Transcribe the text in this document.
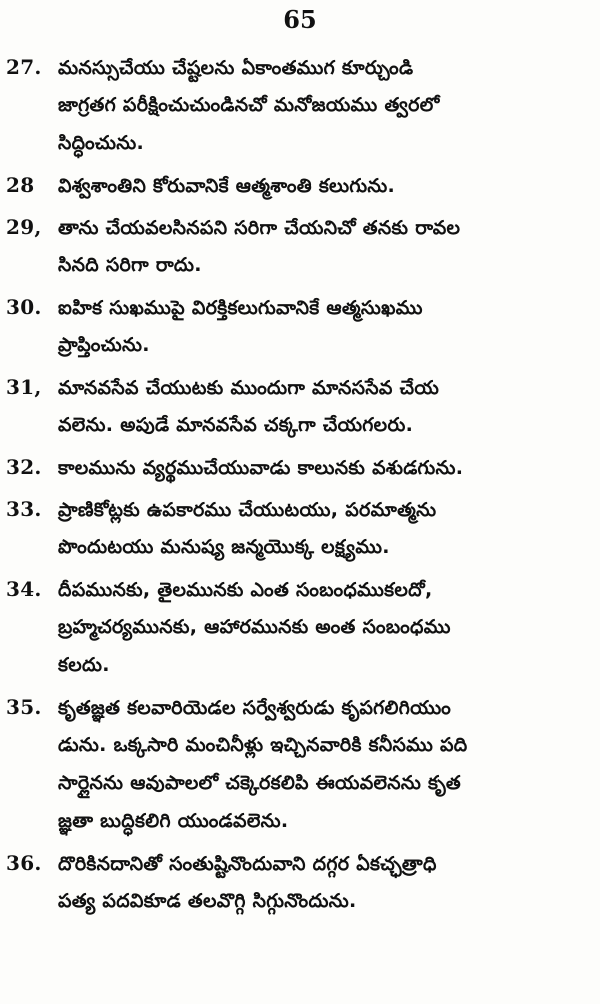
65
27. మనస్సుచేయు చేష్టలను ఏకాంతముగ కూర్చుండి
జాగ్రతగ పరీక్షించుచుండినచో మనోజయము త్వరలో
సిద్ధించును.
28 విశ్వశాంతిని కోరువానికే ఆత్మశాంతి కలుగును.
29, తాను చేయవలసినపని సరిగా చేయనిచో తనకు రావల
సినది సరిగా రాదు.
30. ఐహిక సుఖముపై విరక్తికలుగువానికే ఆత్మసుఖము
ప్రాప్తించును.
31, మానవసేవ చేయుటకు ముందుగా మానససేవ చేయ
వలెను. అపుడే మానవసేవ చక్కగా చేయగలరు.
32. కాలమును వ్యర్థముచేయువాడు కాలునకు వశుడగును.
33. ప్రాణికోట్లకు ఉపకారము చేయుటయు, పరమాత్మను
పొందుటయు మనుష్య జన్మయొక్క లక్ష్యము.
34. దీపమునకు, తైలమునకు ఎంత సంబంధముకలదో,
బ్రహ్మచర్యమునకు, ఆహారమునకు అంత సంబంధము
కలదు.
35. కృతజ్ఞత కలవారియెడల సర్వేశ్వరుడు కృపగలిగియుం
డును. ఒక్కసారి మంచినీళ్లు ఇచ్చినవారికి కనీసము పది
సార్లైనను ఆవుపాలలో చక్కెరకలిపి ఈయవలెనను కృత
జ్ఞతా బుద్ధికలిగి యుండవలెను.
36. దొరికినదానితో సంతుష్టినొందువాని దగ్గర ఏకచ్ఛత్రాధి
పత్య పదవికూడ తలవొగ్గి సిగ్గునొందును.
